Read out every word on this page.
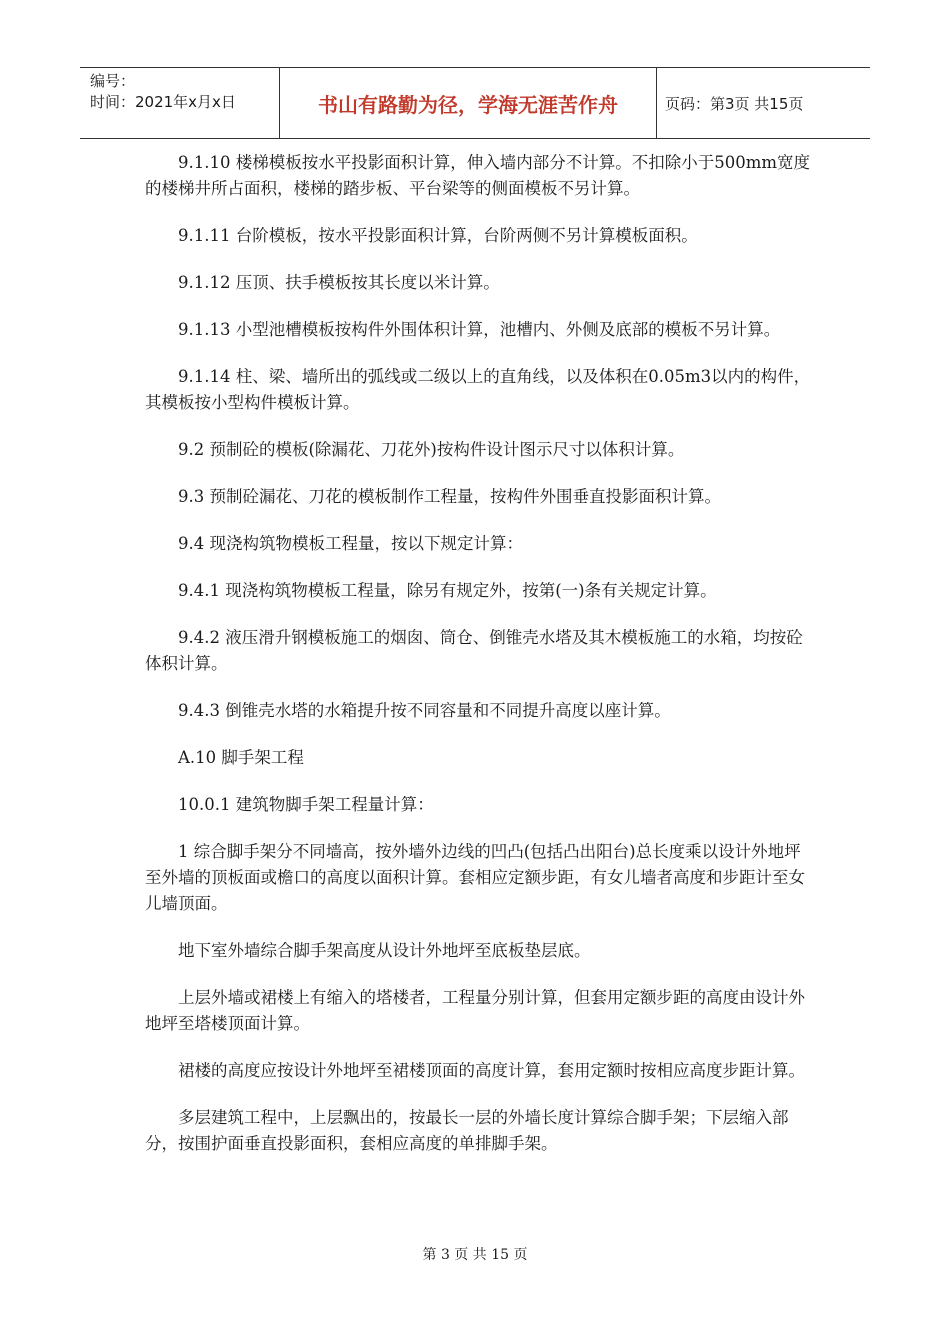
编号：
时间：2021年x月x日	书山有路勤为径，学海无涯苦作舟	页码：第3页 共15页

9.1.10 楼梯模板按水平投影面积计算，伸入墙内部分不计算。不扣除小于500mm宽度的楼梯井所占面积，楼梯的踏步板、平台梁等的侧面模板不另计算。

9.1.11 台阶模板，按水平投影面积计算，台阶两侧不另计算模板面积。

9.1.12 压顶、扶手模板按其长度以米计算。

9.1.13 小型池槽模板按构件外围体积计算，池槽内、外侧及底部的模板不另计算。

9.1.14 柱、梁、墙所出的弧线或二级以上的直角线，以及体积在0.05m3以内的构件，其模板按小型构件模板计算。

9.2 预制砼的模板(除漏花、刀花外)按构件设计图示尺寸以体积计算。

9.3 预制砼漏花、刀花的模板制作工程量，按构件外围垂直投影面积计算。

9.4 现浇构筑物模板工程量，按以下规定计算：

9.4.1 现浇构筑物模板工程量，除另有规定外，按第(一)条有关规定计算。

9.4.2 液压滑升钢模板施工的烟囱、筒仓、倒锥壳水塔及其木模板施工的水箱，均按砼体积计算。

9.4.3 倒锥壳水塔的水箱提升按不同容量和不同提升高度以座计算。

A.10 脚手架工程

10.0.1 建筑物脚手架工程量计算：

1 综合脚手架分不同墙高，按外墙外边线的凹凸(包括凸出阳台)总长度乘以设计外地坪至外墙的顶板面或檐口的高度以面积计算。套相应定额步距，有女儿墙者高度和步距计至女儿墙顶面。

地下室外墙综合脚手架高度从设计外地坪至底板垫层底。

上层外墙或裙楼上有缩入的塔楼者，工程量分别计算，但套用定额步距的高度由设计外地坪至塔楼顶面计算。

裙楼的高度应按设计外地坪至裙楼顶面的高度计算，套用定额时按相应高度步距计算。

多层建筑工程中，上层飘出的，按最长一层的外墙长度计算综合脚手架；下层缩入部分，按围护面垂直投影面积，套相应高度的单排脚手架。

第 3 页 共 15 页
